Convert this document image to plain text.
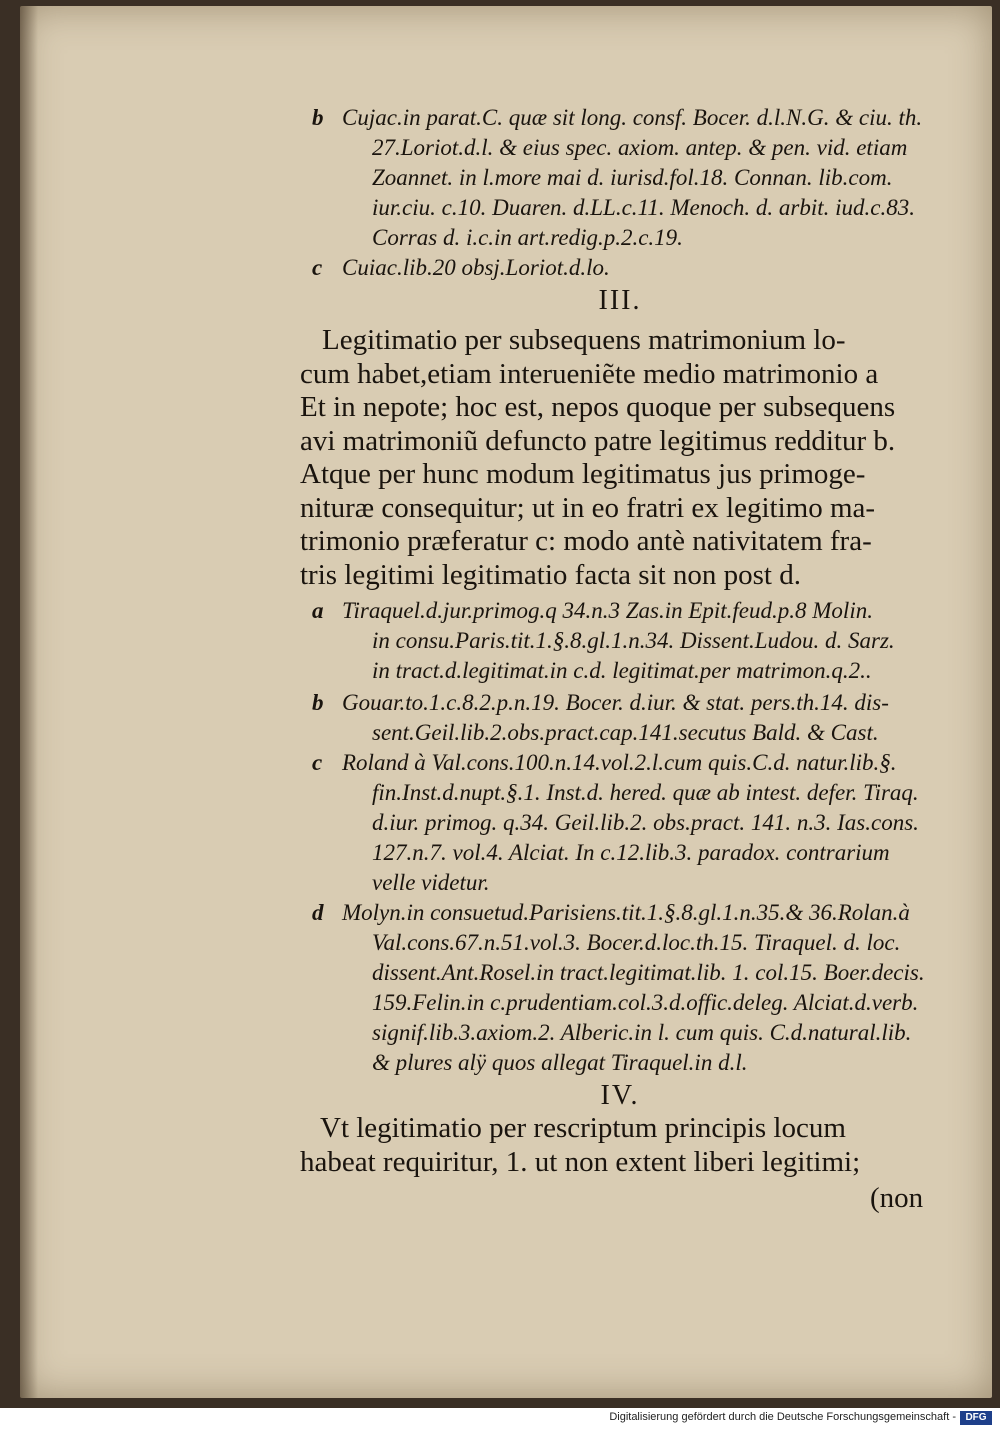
b Cujac.in parat.C. quæ sit long. consf. Bocer. d.l.N.G. & ciu. th.
27.Loriot.d.l. & eius spec. axiom. antep. & pen. vid. etiam
Zoannet. in l.more mai d. iurisd.fol.18. Connan. lib.com.
iur.ciu. c.10. Duaren. d.LL.c.11. Menoch. d. arbit. iud.c.83.
Corras d. i.c.in art.redig.p.2.c.19.
c Cuiac.lib.20 obsj.Loriot.d.lo.
III.
Legitimatio per subsequens matrimonium lo-
cum habet,etiam interueniẽte medio matrimonio a
Et in nepote; hoc est, nepos quoque per subsequens
avi matrimoniũ defuncto patre legitimus redditur b.
Atque per hunc modum legitimatus jus primoge-
nituræ consequitur; ut in eo fratri ex legitimo ma-
trimonio præferatur c: modo antè nativitatem fra-
tris legitimi legitimatio facta sit non post d.
a Tiraquel.d.jur.primog.q 34.n.3 Zas.in Epit.feud.p.8 Molin.
in consu.Paris.tit.1.§.8.gl.1.n.34. Dissent.Ludou. d. Sarz.
in tract.d.legitimat.in c.d. legitimat.per matrimon.q.2..
b Gouar.to.1.c.8.2.p.n.19. Bocer. d.iur. & stat. pers.th.14. dis-
sent.Geil.lib.2.obs.pract.cap.141.secutus Bald. & Cast.
c Roland à Val.cons.100.n.14.vol.2.l.cum quis.C.d. natur.lib.§.
fin.Inst.d.nupt.§.1. Inst.d. hered. quæ ab intest. defer. Tiraq.
d.iur. primog. q.34. Geil.lib.2. obs.pract. 141. n.3. Ias.cons.
127.n.7. vol.4. Alciat. In c.12.lib.3. paradox. contrarium
velle videtur.
d Molyn.in consuetud.Parisiens.tit.1.§.8.gl.1.n.35.& 36.Rolan.à
Val.cons.67.n.51.vol.3. Bocer.d.loc.th.15. Tiraquel. d. loc.
dissent.Ant.Rosel.in tract.legitimat.lib. 1. col.15. Boer.decis.
159.Felin.in c.prudentiam.col.3.d.offic.deleg. Alciat.d.verb.
signif.lib.3.axiom.2. Alberic.in l. cum quis. C.d.natural.lib.
& plures alÿ quos allegat Tiraquel.in d.l.
IV.
Vt legitimatio per rescriptum principis locum
habeat requiritur, 1. ut non extent liberi legitimi;
(non
Digitalisierung gefördert durch die Deutsche Forschungsgemeinschaft - DFG
